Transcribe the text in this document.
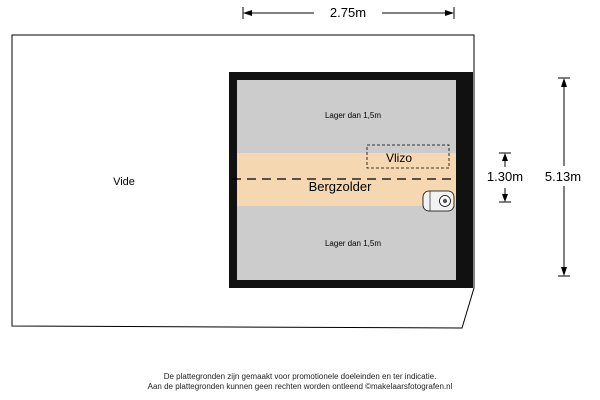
2.75m
5.13m
1.30m
Vide
Lager dan 1,5m
Vlizo
Bergzolder
Lager dan 1,5m
De plattegronden zijn gemaakt voor promotionele doeleinden en ter indicatie.
Aan de plattegronden kunnen geen rechten worden ontleend ©makelaarsfotografen.nl
